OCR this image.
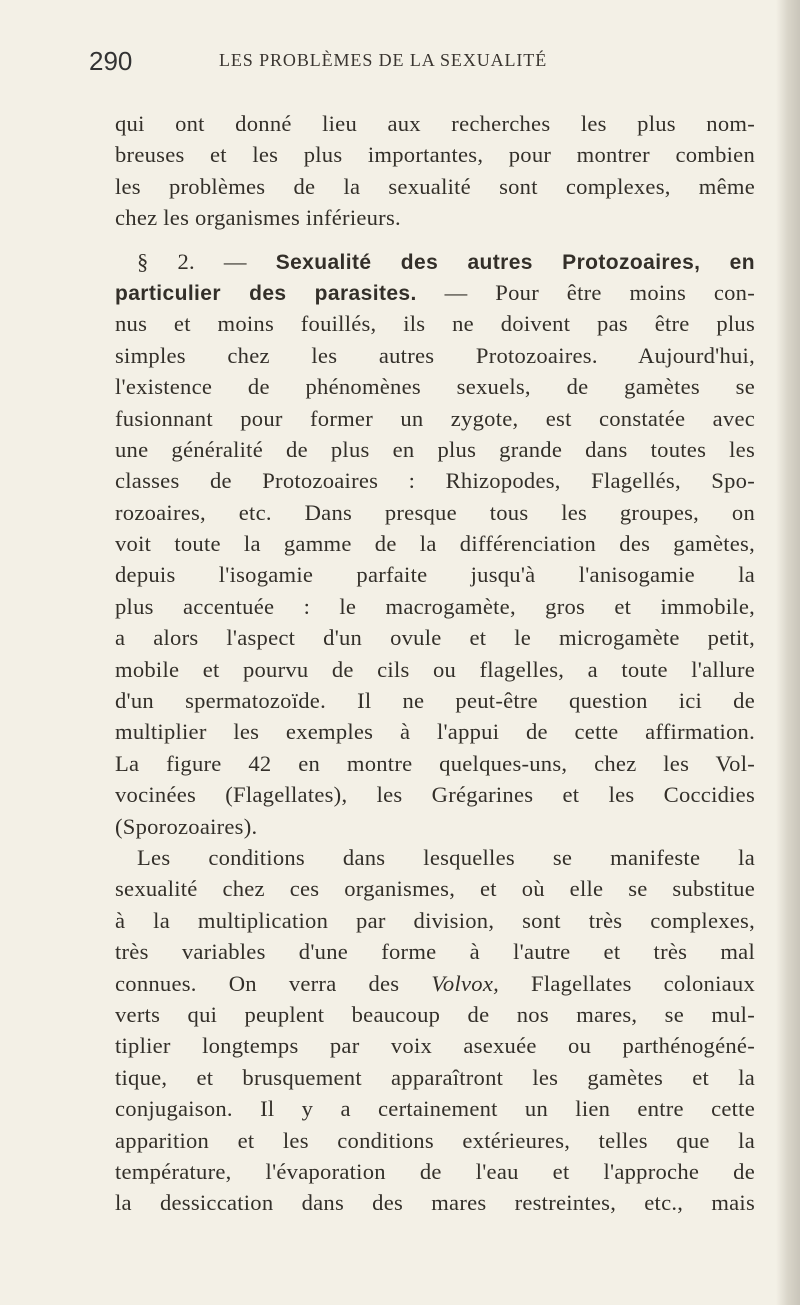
290	LES PROBLÈMES DE LA SEXUALITÉ
qui ont donné lieu aux recherches les plus nom-
breuses et les plus importantes, pour montrer combien
les problèmes de la sexualité sont complexes, même
chez les organismes inférieurs.
§ 2. — Sexualité des autres Protozoaires, en
particulier des parasites. — Pour être moins con-
nus et moins fouillés, ils ne doivent pas être plus
simples chez les autres Protozoaires. Aujourd'hui,
l'existence de phénomènes sexuels, de gamètes se
fusionnant pour former un zygote, est constatée avec
une généralité de plus en plus grande dans toutes les
classes de Protozoaires : Rhizopodes, Flagellés, Spo-
rozoaires, etc. Dans presque tous les groupes, on
voit toute la gamme de la différenciation des gamètes,
depuis l'isogamie parfaite jusqu'à l'anisogamie la
plus accentuée : le macrogamète, gros et immobile,
a alors l'aspect d'un ovule et le microgamète petit,
mobile et pourvu de cils ou flagelles, a toute l'allure
d'un spermatozoïde. Il ne peut-être question ici de
multiplier les exemples à l'appui de cette affirmation.
La figure 42 en montre quelques-uns, chez les Vol-
vocinées (Flagellates), les Grégarines et les Coccidies
(Sporozoaires).
Les conditions dans lesquelles se manifeste la
sexualité chez ces organismes, et où elle se substitue
à la multiplication par division, sont très complexes,
très variables d'une forme à l'autre et très mal
connues. On verra des Volvox, Flagellates coloniaux
verts qui peuplent beaucoup de nos mares, se mul-
tiplier longtemps par voix asexuée ou parthénogéné-
tique, et brusquement apparaîtront les gamètes et la
conjugaison. Il y a certainement un lien entre cette
apparition et les conditions extérieures, telles que la
température, l'évaporation de l'eau et l'approche de
la dessiccation dans des mares restreintes, etc., mais
